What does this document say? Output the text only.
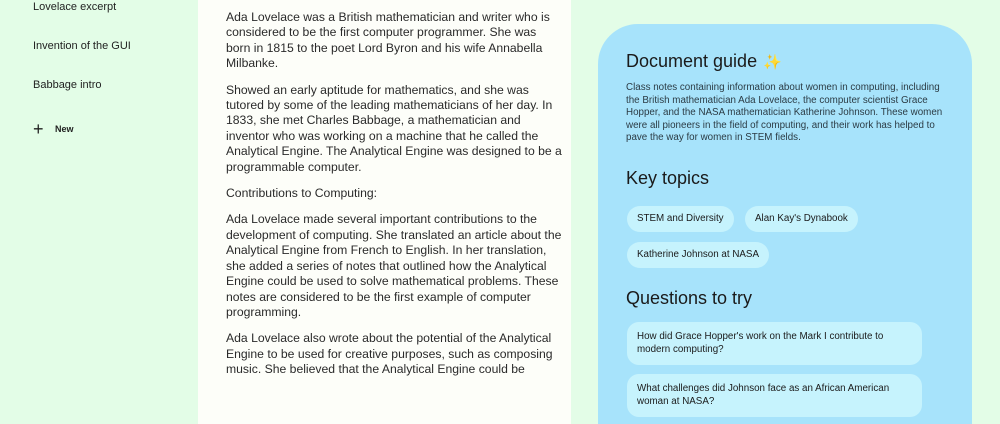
Lovelace excerpt
Invention of the GUI
Babbage intro
+ New

Ada Lovelace was a British mathematician and writer who is considered to be the first computer programmer. She was born in 1815 to the poet Lord Byron and his wife Annabella Milbanke.

Showed an early aptitude for mathematics, and she was tutored by some of the leading mathematicians of her day. In 1833, she met Charles Babbage, a mathematician and inventor who was working on a machine that he called the Analytical Engine. The Analytical Engine was designed to be a programmable computer.

Contributions to Computing:

Ada Lovelace made several important contributions to the development of computing. She translated an article about the Analytical Engine from French to English. In her translation, she added a series of notes that outlined how the Analytical Engine could be used to solve mathematical problems. These notes are considered to be the first example of computer programming.

Ada Lovelace also wrote about the potential of the Analytical Engine to be used for creative purposes, such as composing music. She believed that the Analytical Engine could be

Document guide ✨
Class notes containing information about women in computing, including the British mathematician Ada Lovelace, the computer scientist Grace Hopper, and the NASA mathematician Katherine Johnson. These women were all pioneers in the field of computing, and their work has helped to pave the way for women in STEM fields.
Key topics
STEM and Diversity	Alan Kay's Dynabook
Katherine Johnson at NASA
Questions to try
How did Grace Hopper's work on the Mark I contribute to modern computing?
What challenges did Johnson face as an African American woman at NASA?
